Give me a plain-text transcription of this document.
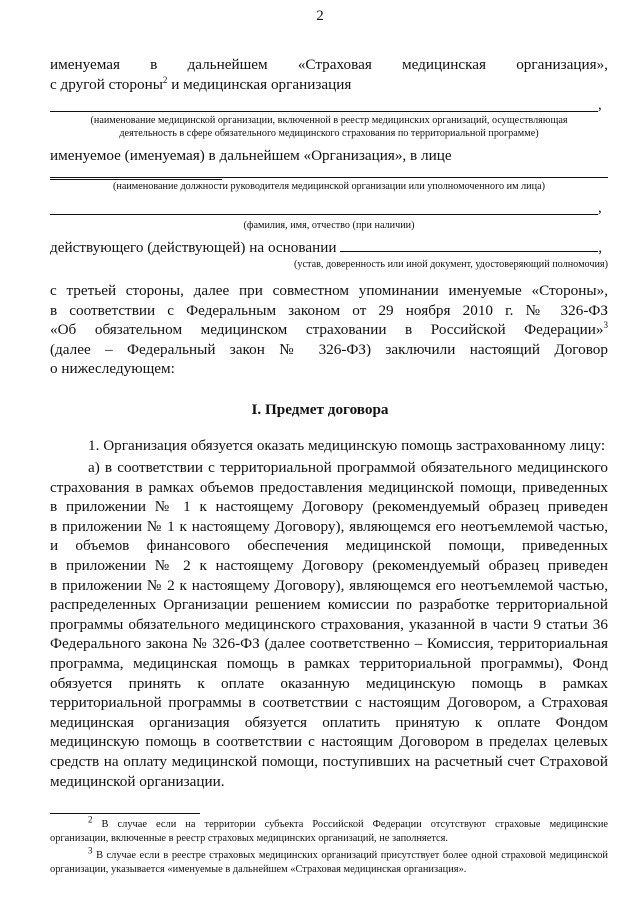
2
именуемая в дальнейшем «Страховая медицинская организация»,
с другой стороны$^2$ и медицинская организация
,
(наименование медицинской организации, включенной в реестр медицинских организаций, осуществляющая деятельность в сфере обязательного медицинского страхования по территориальной программе)
именуемое (именуемая) в дальнейшем «Организация», в лице
(наименование должности руководителя медицинской организации или уполномоченного им лица)
,
(фамилия, имя, отчество (при наличии)
действующего (действующей) на основании	,
(устав, доверенность или иной документ, удостоверяющий полномочия)
с третьей стороны, далее при совместном упоминании именуемые «Стороны»,
в соответствии с Федеральным законом от 29 ноября 2010 г. № 326-ФЗ
«Об обязательном медицинском страховании в Российской Федерации»$^3$
(далее – Федеральный закон № 326-ФЗ) заключили настоящий Договор
о нижеследующем:
I. Предмет договора
1. Организация обязуется оказать медицинскую помощь застрахованному лицу:
а) в соответствии с территориальной программой обязательного медицинского
страхования в рамках объемов предоставления медицинской помощи, приведенных
в приложении № 1 к настоящему Договору (рекомендуемый образец приведен
в приложении № 1 к настоящему Договору), являющемся его неотъемлемой частью,
и объемов финансового обеспечения медицинской помощи, приведенных
в приложении № 2 к настоящему Договору (рекомендуемый образец приведен
в приложении № 2 к настоящему Договору), являющемся его неотъемлемой частью,
распределенных Организации решением комиссии по разработке территориальной
программы обязательного медицинского страхования, указанной в части 9 статьи 36
Федерального закона № 326-ФЗ (далее соответственно – Комиссия, территориальная
программа, медицинская помощь в рамках территориальной программы), Фонд
обязуется принять к оплате оказанную медицинскую помощь в рамках
территориальной программы в соответствии с настоящим Договором, а Страховая
медицинская организация обязуется оплатить принятую к оплате Фондом
медицинскую помощь в соответствии с настоящим Договором в пределах целевых
средств на оплату медицинской помощи, поступивших на расчетный счет Страховой
медицинской организации.
$^2$ В случае если на территории субъекта Российской Федерации отсутствуют страховые медицинские
организации, включенные в реестр страховых медицинских организаций, не заполняется.
$^3$ В случае если в реестре страховых медицинских организаций присутствует более одной страховой медицинской
организации, указывается «именуемые в дальнейшем «Страховая медицинская организация».
